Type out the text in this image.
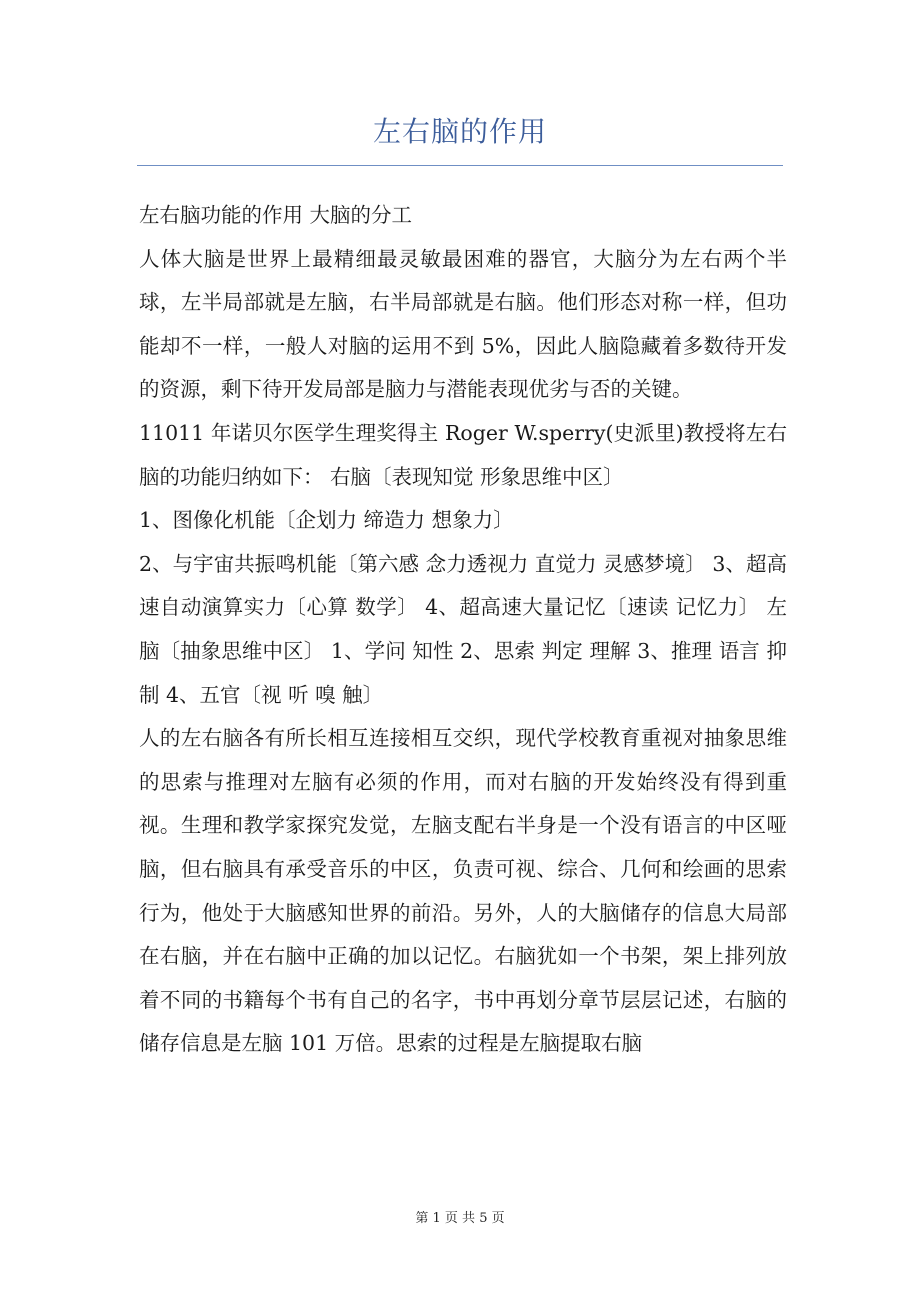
左右脑的作用

左右脑功能的作用 大脑的分工

人体大脑是世界上最精细最灵敏最困难的器官，大脑分为左右两个半球，左半局部就是左脑，右半局部就是右脑。他们形态对称一样，但功能却不一样，一般人对脑的运用不到 5%，因此人脑隐藏着多数待开发的资源，剩下待开发局部是脑力与潜能表现优劣与否的关键。

11011 年诺贝尔医学生理奖得主 Roger W.sperry(史派里)教授将左右脑的功能归纳如下： 右脑〔表现知觉 形象思维中区〕

1、图像化机能〔企划力 缔造力 想象力〕

2、与宇宙共振鸣机能〔第六感 念力透视力 直觉力 灵感梦境〕 3、超高速自动演算实力〔心算 数学〕 4、超高速大量记忆〔速读 记忆力〕 左脑〔抽象思维中区〕 1、学问 知性 2、思索 判定 理解 3、推理 语言 抑制 4、五官〔视 听 嗅 触〕

人的左右脑各有所长相互连接相互交织，现代学校教育重视对抽象思维的思索与推理对左脑有必须的作用，而对右脑的开发始终没有得到重视。生理和教学家探究发觉，左脑支配右半身是一个没有语言的中区哑脑，但右脑具有承受音乐的中区，负责可视、综合、几何和绘画的思索行为，他处于大脑感知世界的前沿。另外，人的大脑储存的信息大局部在右脑，并在右脑中正确的加以记忆。右脑犹如一个书架，架上排列放着不同的书籍每个书有自己的名字，书中再划分章节层层记述，右脑的储存信息是左脑 101 万倍。思索的过程是左脑提取右脑

第 1 页 共 5 页
